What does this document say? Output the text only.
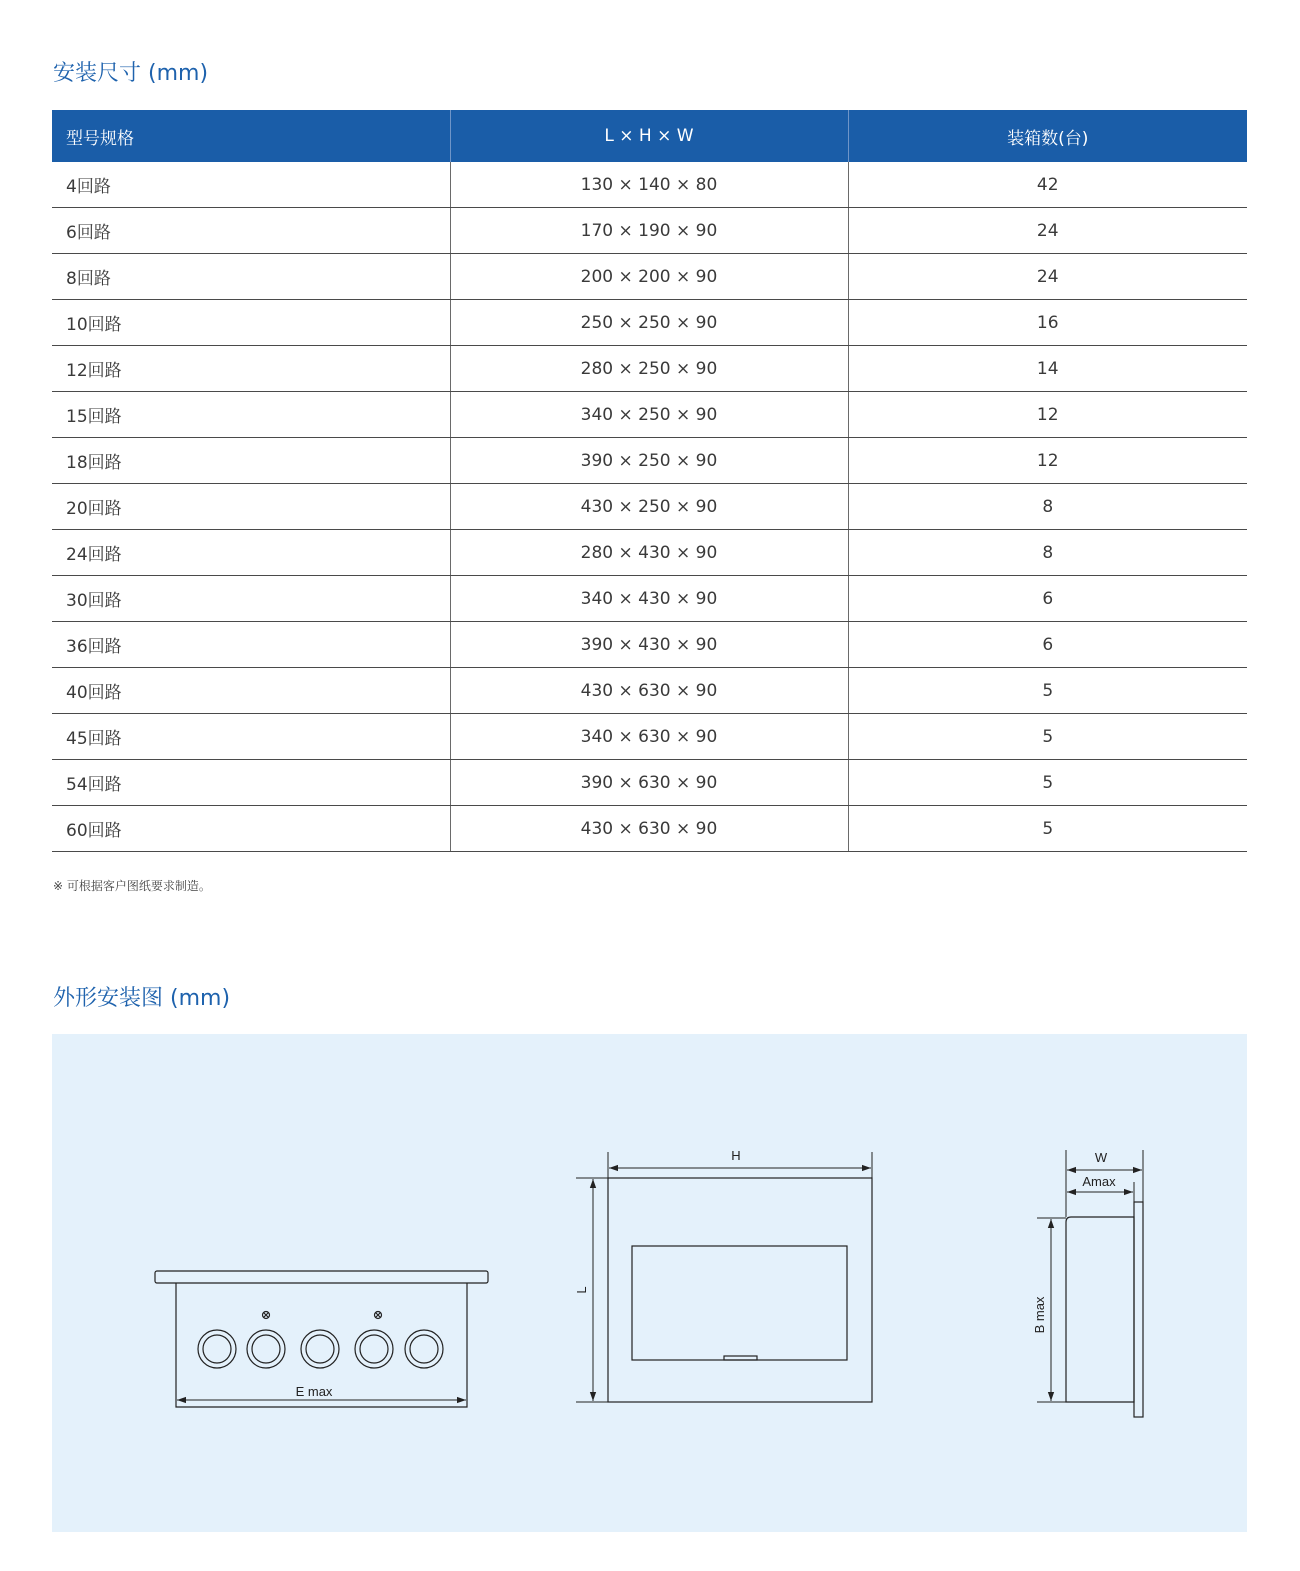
安装尺寸 (mm)
型号规格	L × H × W	装箱数(台)
4回路	130 × 140 × 80	42
6回路	170 × 190 × 90	24
8回路	200 × 200 × 90	24
10回路	250 × 250 × 90	16
12回路	280 × 250 × 90	14
15回路	340 × 250 × 90	12
18回路	390 × 250 × 90	12
20回路	430 × 250 × 90	8
24回路	280 × 430 × 90	8
30回路	340 × 430 × 90	6
36回路	390 × 430 × 90	6
40回路	430 × 630 × 90	5
45回路	340 × 630 × 90	5
54回路	390 × 630 × 90	5
60回路	430 × 630 × 90	5
※ 可根据客户图纸要求制造。
外形安装图 (mm)
E max
H
L
W
Amax
B max
